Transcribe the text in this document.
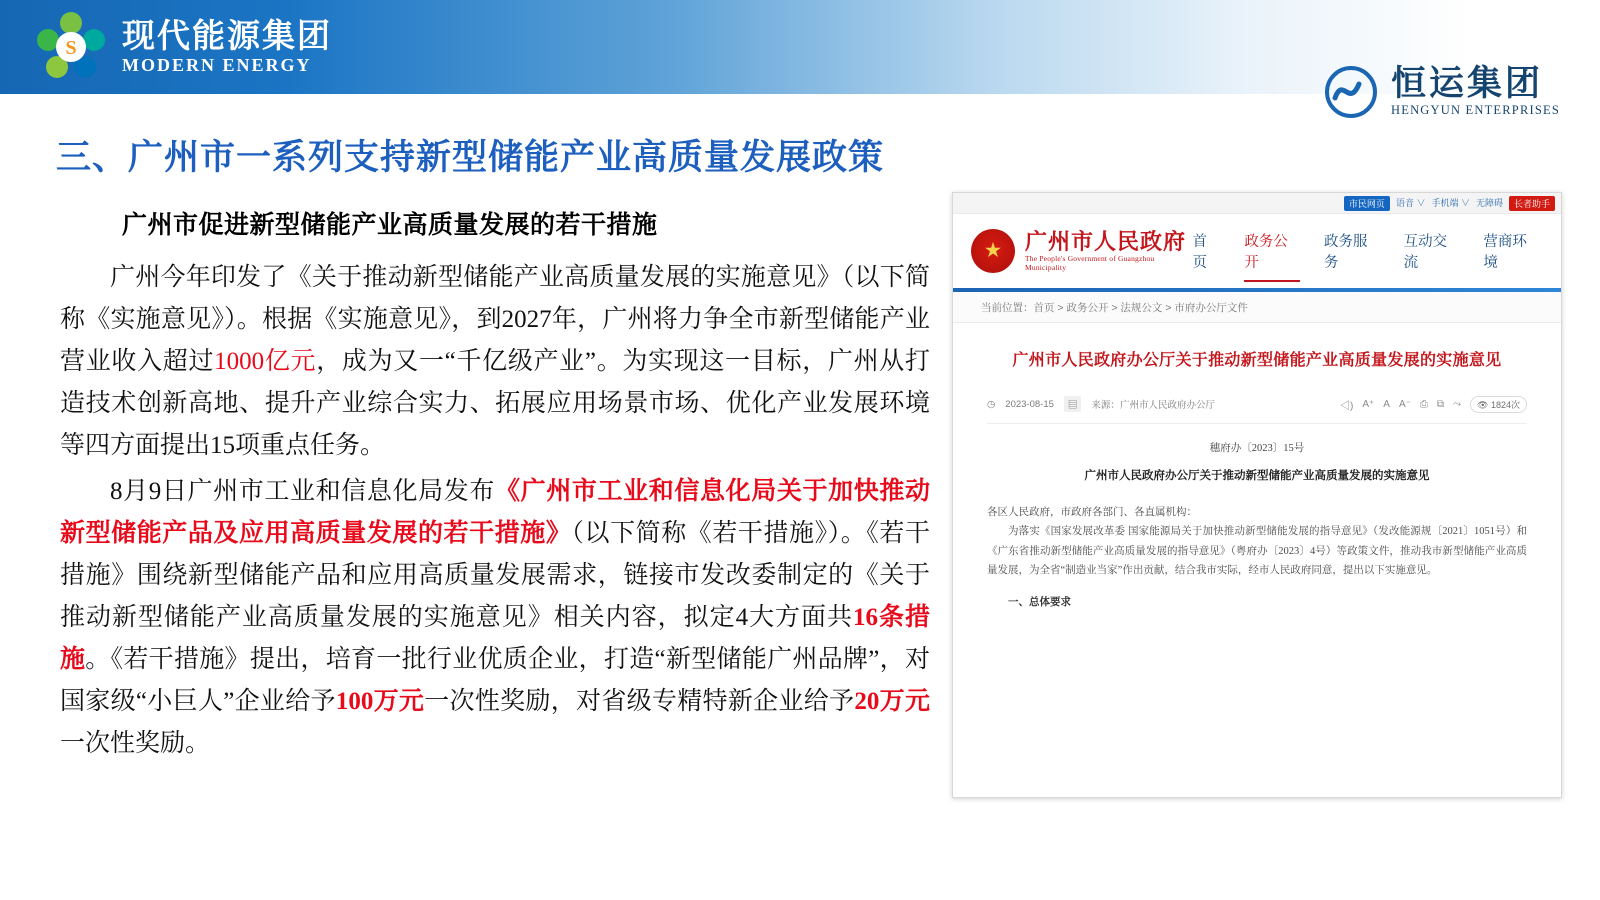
S 现代能源集团
MODERN ENERGY	恒运集团
HENGYUN ENTERPRISES
三、广州市一系列支持新型储能产业高质量发展政策
广州市促进新型储能产业高质量发展的若干措施

广州今年印发了《关于推动新型储能产业高质量发展的实施意见》（以下简称《实施意见》）。根据《实施意见》，到2027年，广州将力争全市新型储能产业营业收入超过1000亿元，成为又一“千亿级产业”。为实现这一目标，广州从打造技术创新高地、提升产业综合实力、拓展应用场景市场、优化产业发展环境等四方面提出15项重点任务。

8月9日广州市工业和信息化局发布《广州市工业和信息化局关于加快推动新型储能产品及应用高质量发展的若干措施》（以下简称《若干措施》）。《若干措施》围绕新型储能产品和应用高质量发展需求，链接市发改委制定的《关于推动新型储能产业高质量发展的实施意见》相关内容，拟定4大方面共16条措施。《若干措施》提出，培育一批行业优质企业，打造“新型储能广州品牌”，对国家级“小巨人”企业给予100万元一次性奖励，对省级专精特新企业给予20万元一次性奖励。

市民网页	语音 ∨ 手机端 ∨ 无障碍	长者助手
★
广州市人民政府
The People's Government of Guangzhou Municipality
首页
政务公开
政务服务
互动交流
营商环境
当前位置：首页 > 政务公开 > 法规公文 > 市府办公厅文件
广州市人民政府办公厅关于推动新型储能产业高质量发展的实施意见
◷ 2023-08-15	▤	来源：广州市人民政府办公厅	◁) A⁺ A A⁻ ⎙ ⧉ ⤳	👁 1824次
穗府办〔2023〕15号
广州市人民政府办公厅关于推动新型储能产业高质量发展的实施意见
各区人民政府，市政府各部门、各直属机构：
为落实《国家发展改革委 国家能源局关于加快推动新型储能发展的指导意见》（发改能源规〔2021〕1051号）和《广东省推动新型储能产业高质量发展的指导意见》（粤府办〔2023〕4号）等政策文件，推动我市新型储能产业高质量发展，为全省“制造业当家”作出贡献，结合我市实际，经市人民政府同意，提出以下实施意见。
一、总体要求
